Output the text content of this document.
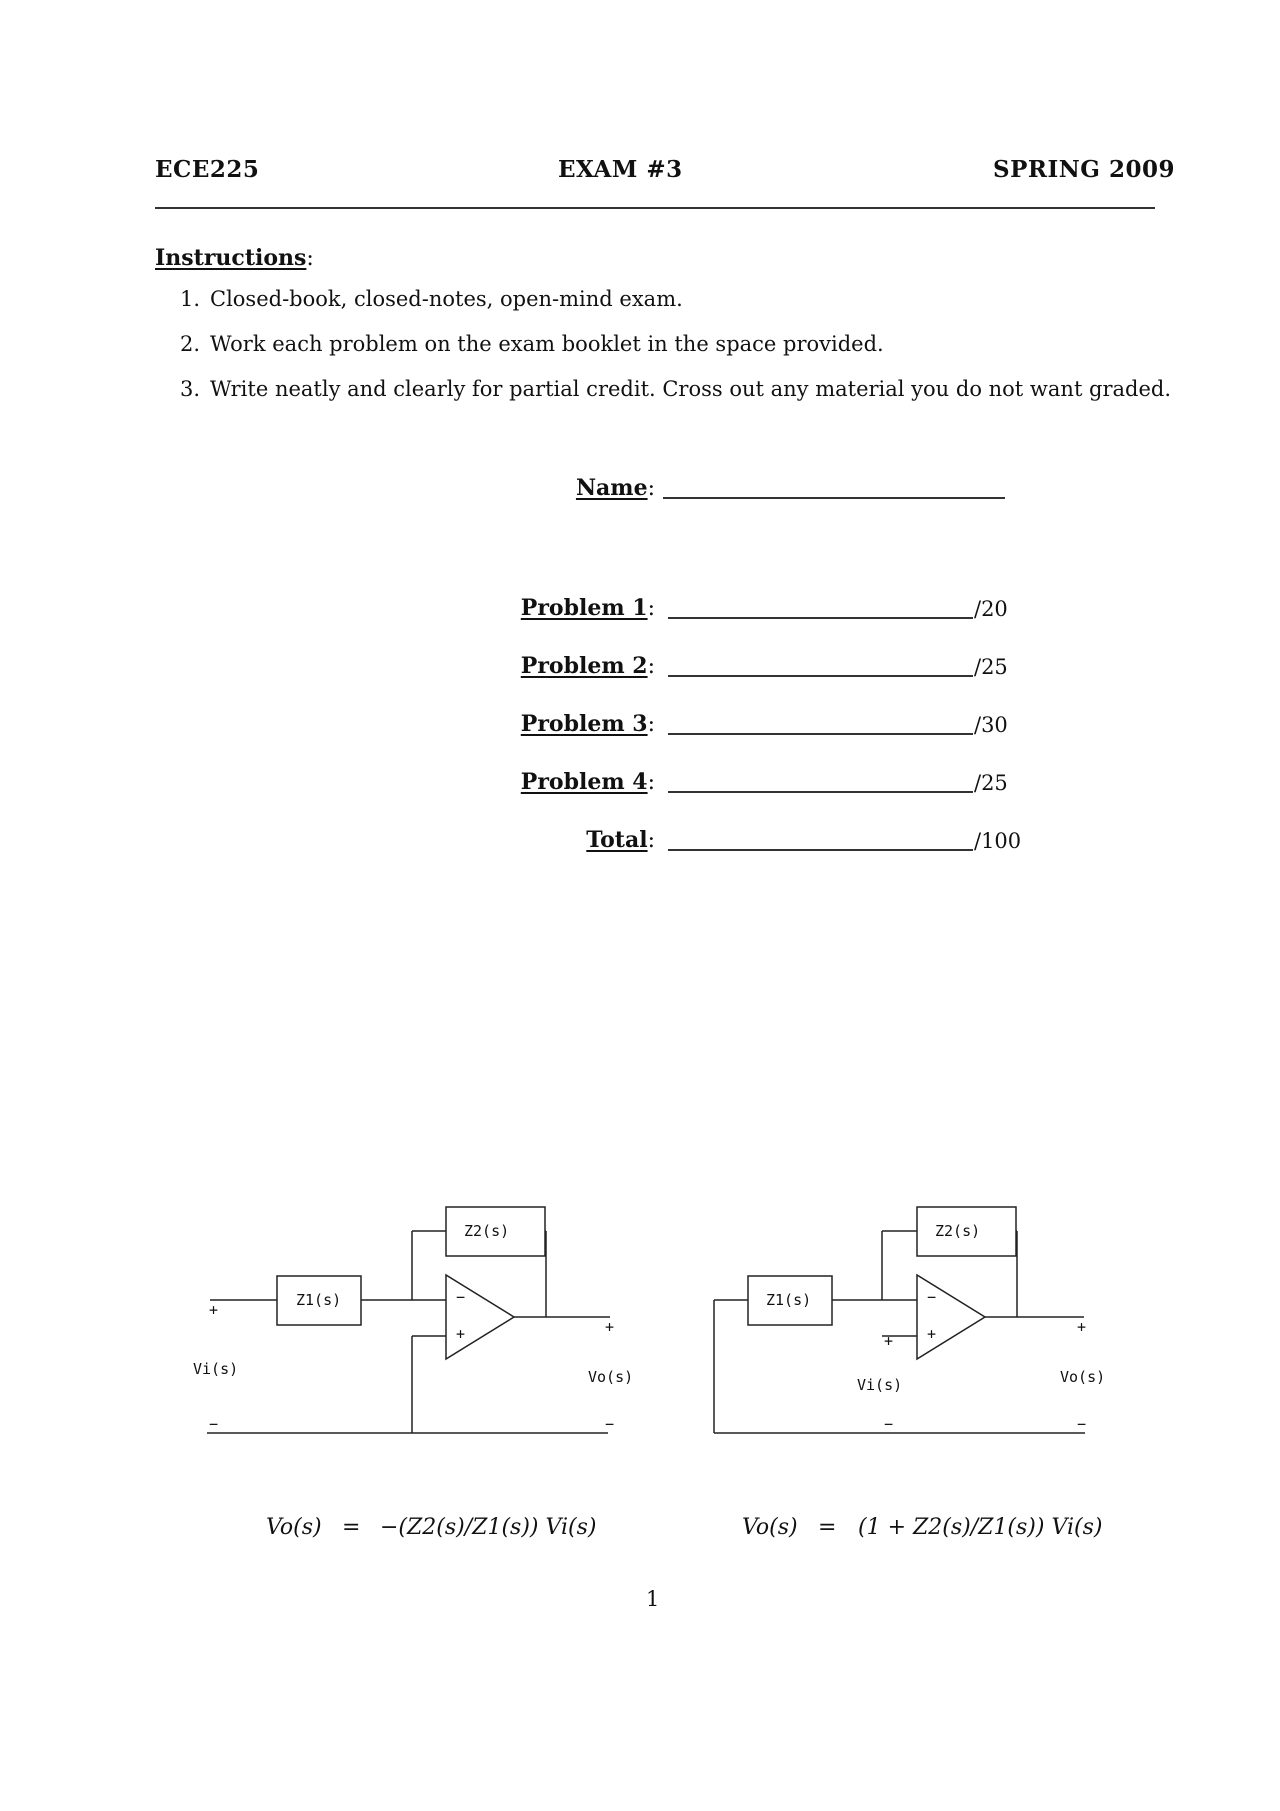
ECE225	EXAM #3	SPRING 2009
Instructions:
1. Closed-book, closed-notes, open-mind exam.
2. Work each problem on the exam booklet in the space provided.
3. Write neatly and clearly for partial credit. Cross out any material you do not want graded.
Name:
Problem 1:	/20
Problem 2:	/25
Problem 3:	/30
Problem 4:	/25
Total:	/100
Z1(s)
Z2(s)
−
+
+
Vi(s)
−
+
Vo(s)
−
Z1(s)
Z2(s)
−
+
+
Vi(s)
−
+
Vo(s)
−
Vo(s) = −(Z2(s)/Z1(s)) Vi(s)	Vo(s) = (1 + Z2(s)/Z1(s)) Vi(s)
1
